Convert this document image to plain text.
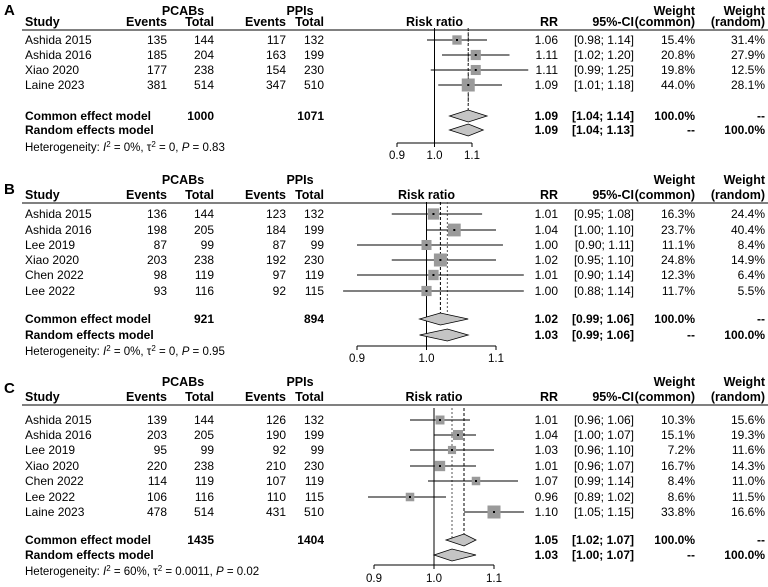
A	PCABs	PPIs	Weight Weight
Study	Events Total Events Total	Risk ratio	RR	95%-CI (common) (random)
Ashida 2015	135 144	117 132	1.06 [0.98; 1.14] 15.4%	31.4%
Ashida 2016	185 204	163 199	1.11 [1.02; 1.20] 20.8%	27.9%
Xiao 2020	177 238	154 230	1.11 [0.99; 1.25] 19.8%	12.5%
Laine 2023	381 514	347 510	1.09 [1.01; 1.18] 44.0%	28.1%
Common effect model	1000	1071	1.09 [1.04; 1.14] 100.0%	--
Random effects model	1.09 [1.04; 1.13]	-- 100.0%
Heterogeneity: $I^2 = 0\%$, $\tau^2 = 0$, P = 0.83
0.9 1.0 1.1
B
PCABs	PPIs	Weight Weight
Study	Events Total Events Total	Risk ratio	RR	95%-CI (common) (random)
Ashida 2015	136 144	123 132	1.01 [0.95; 1.08] 16.3%	24.4%
Ashida 2016	198 205	184 199	1.04 [1.00; 1.10] 23.7%	40.4%
Lee 2019	87	99	87 99	1.00 [0.90; 1.11] 11.1%	8.4%
Xiao 2020	203 238	192 230	1.02 [0.95; 1.10] 24.8%	14.9%
Chen 2022	98 119	97 119	1.01 [0.90; 1.14] 12.3%	6.4%
Lee 2022	93 116	92 115	1.00 [0.88; 1.14] 11.7%	5.5%
Common effect model	921	894	1.02 [0.99; 1.06] 100.0%	--
Random effects model	1.03 [0.99; 1.06]	-- 100.0%
Heterogeneity: $I^2 = 0\%$, $\tau^2 = 0$, P = 0.95
0.9	1.0	1.1
C	PCABs	PPIs	Weight Weight
Study	Events Total Events Total	Risk ratio	RR	95%-CI (common) (random)
Ashida 2015	139 144	126 132	1.01 [0.96; 1.06] 10.3%	15.6%
Ashida 2016	203 205	190 199	1.04 [1.00; 1.07] 15.1%	19.3%
Lee 2019	95	99	92 99	1.03 [0.96; 1.10]	7.2%	11.6%
Xiao 2020	220 238	210 230	1.01 [0.96; 1.07] 16.7%	14.3%
Chen 2022	114 119	107 119	1.07 [0.99; 1.14]	8.4%	11.0%
Lee 2022	106 116	110 115	0.96 [0.89; 1.02]	8.6%	11.5%
Laine 2023	478 514	431 510	1.10 [1.05; 1.15] 33.8%	16.6%
Common effect model	1435	1404	1.05 [1.02; 1.07] 100.0%	--
Random effects model	1.03 [1.00; 1.07]	-- 100.0%
Heterogeneity: $I^2 = 60\%$, $\tau^2 = 0.0011$, P = 0.02
0.9	1.0	1.1
